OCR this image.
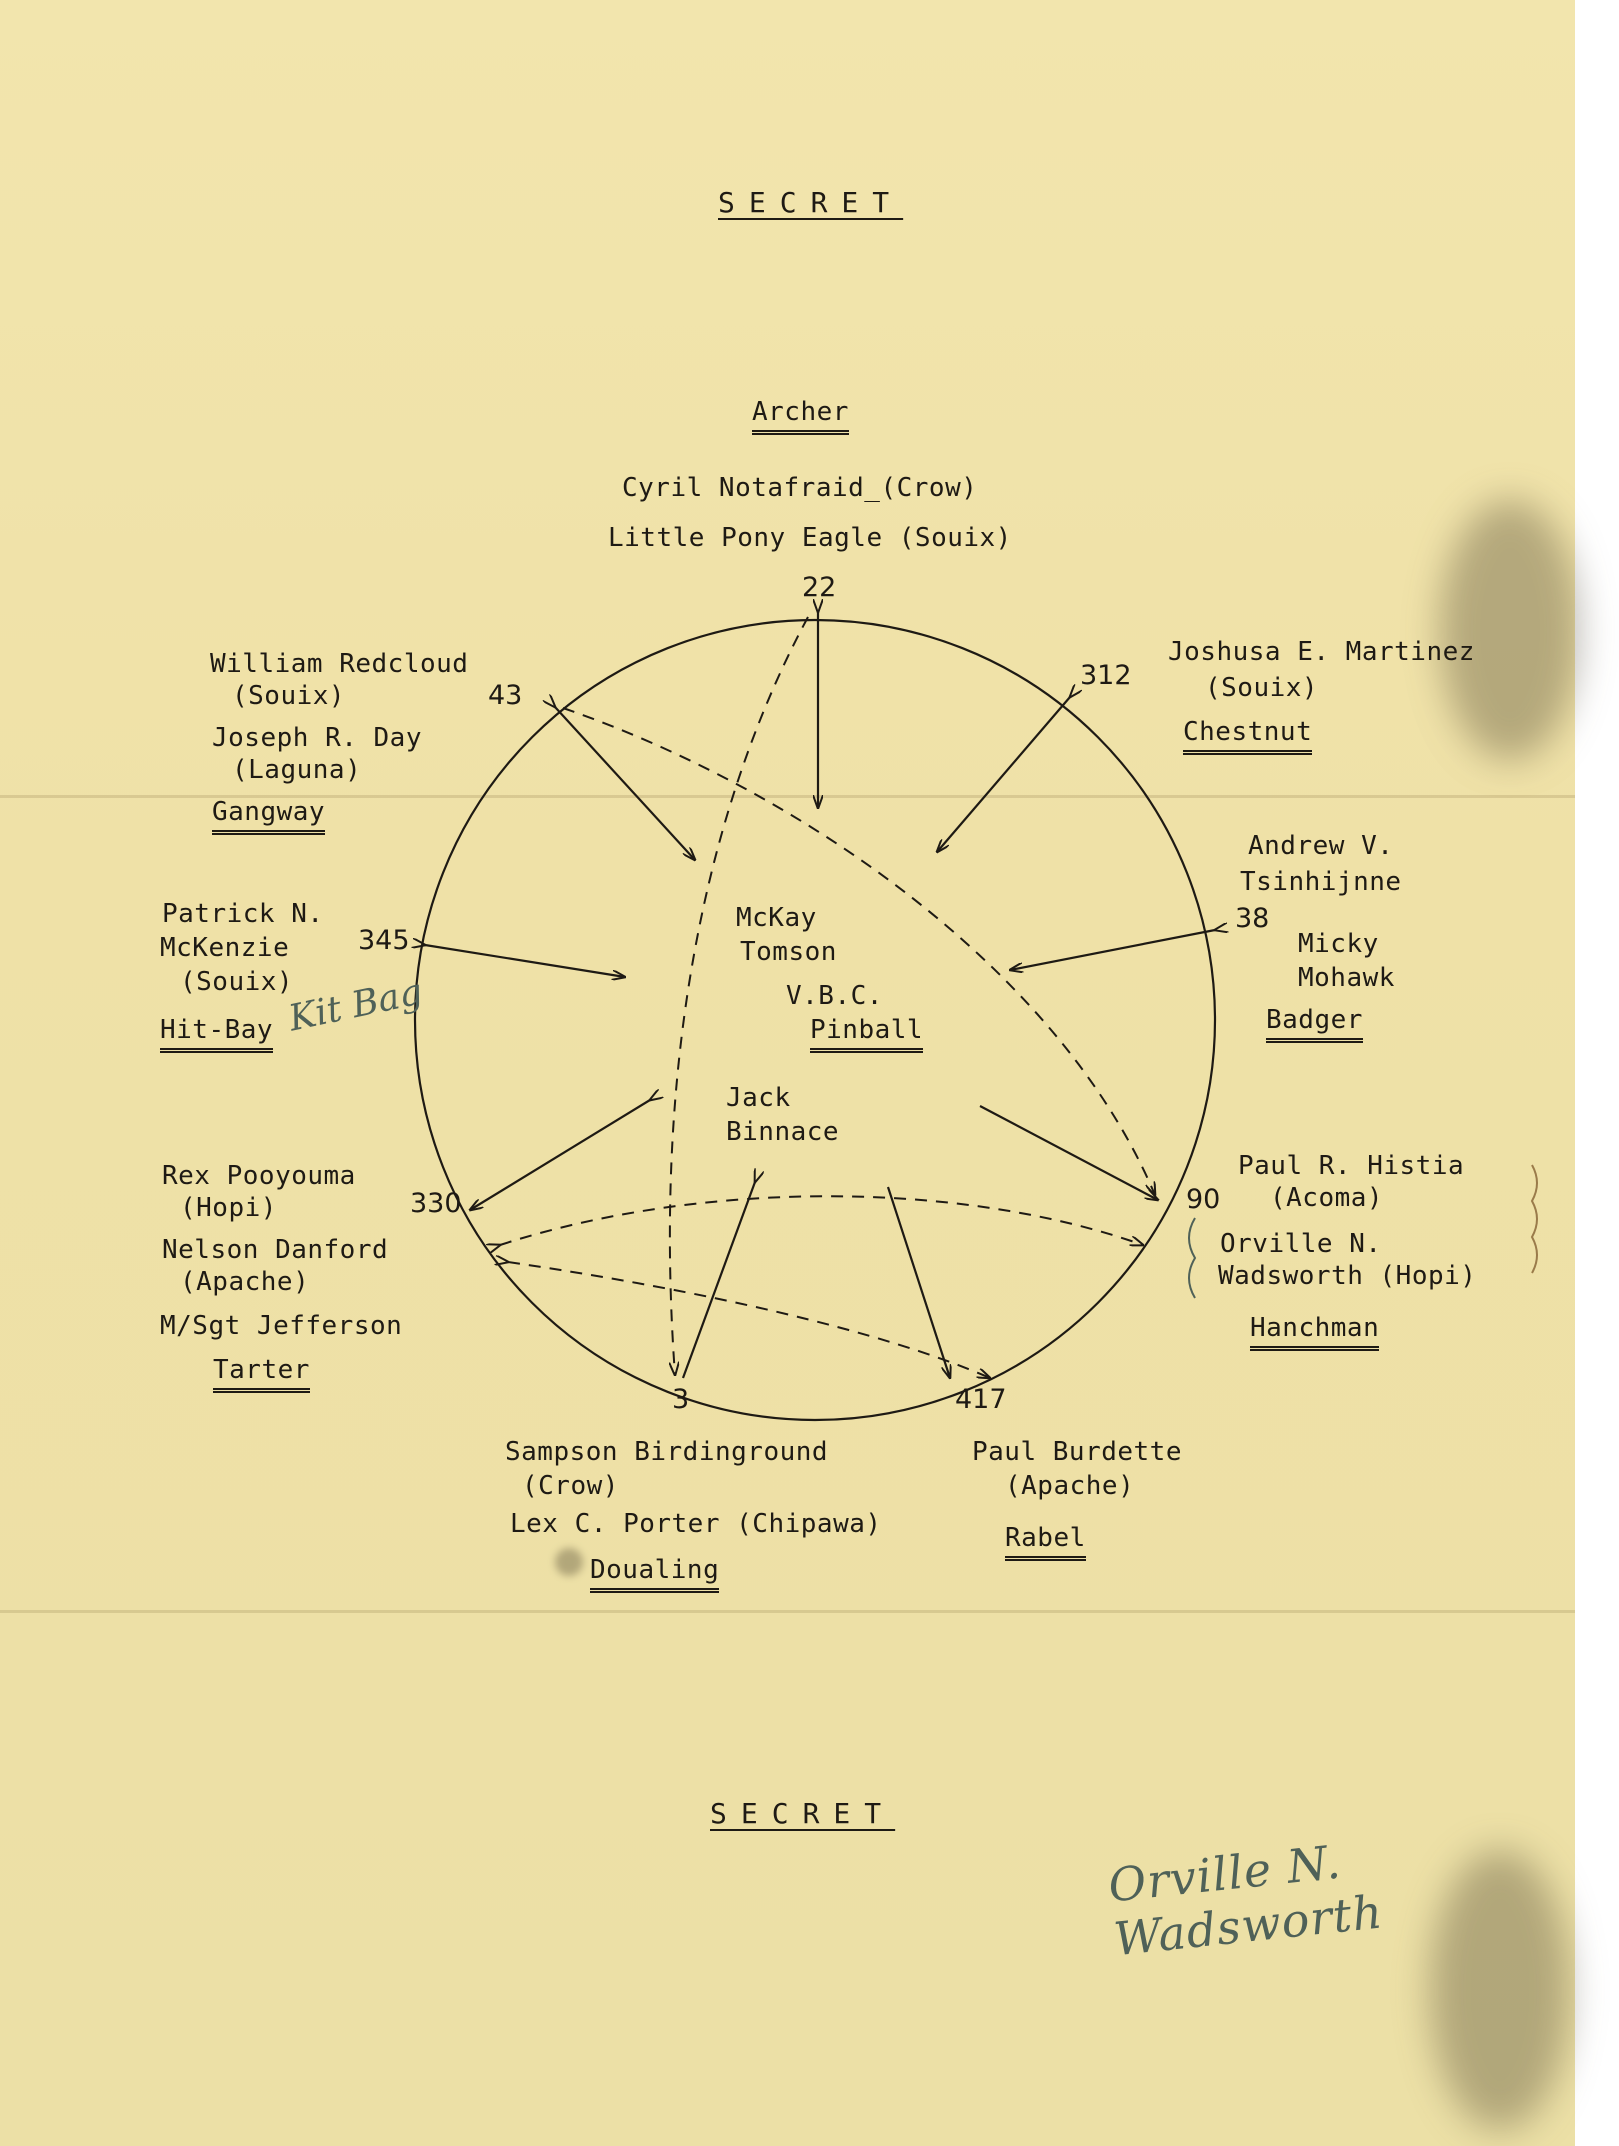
SECRET
SECRET
Archer
Cyril Notafraid_(Crow)
Little Pony Eagle (Souix)
22
312
Joshusa E. Martinez
(Souix)
Chestnut
Andrew V.
Tsinhijnne
38
Micky
Mohawk
Badger
Paul R. Histia
90 (Acoma)
Orville N.
Wadsworth (Hopi)
Hanchman
417
Paul Burdette
(Apache)
Rabel
3
Sampson Birdinground
(Crow)
Lex C. Porter (Chipawa)
Doualing
Rex Pooyouma
(Hopi)	330
Nelson Danford
(Apache)
M/Sgt Jefferson
Tarter
Patrick N.
McKenzie	345
(Souix)
Hit-Bay Kit Bag
William Redcloud
(Souix)	43
Joseph R. Day
(Laguna)
Gangway
McKay
Tomson
V.B.C.
Pinball
Jack
Binnace
Orville N. Wadsworth
